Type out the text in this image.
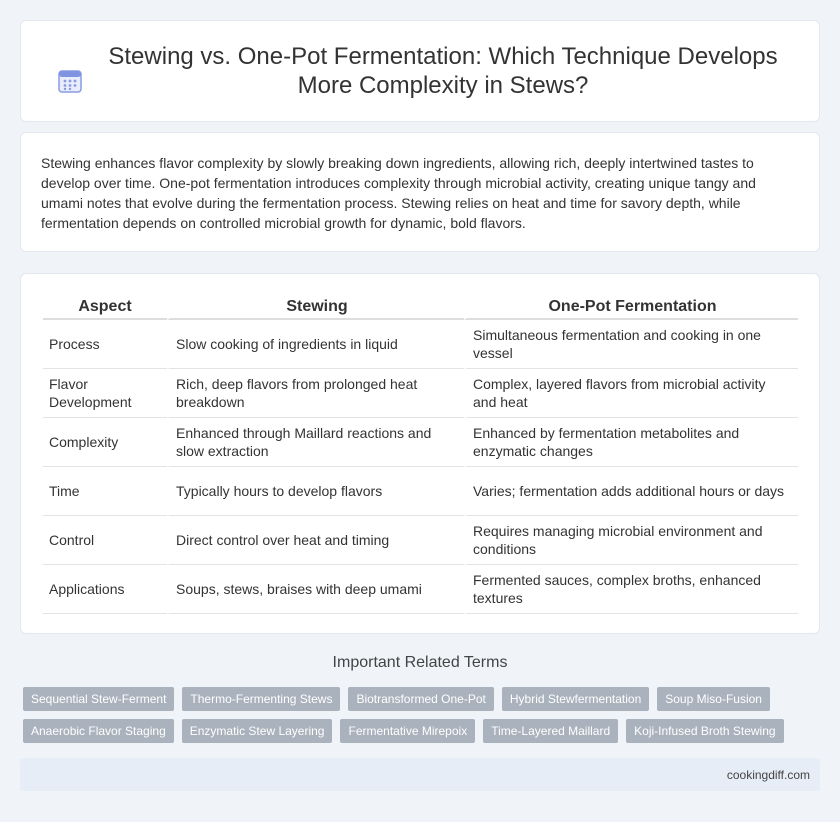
Stewing vs. One-Pot Fermentation: Which Technique Develops More Complexity in Stews?

Stewing enhances flavor complexity by slowly breaking down ingredients, allowing rich, deeply intertwined tastes to develop over time. One-pot fermentation introduces complexity through microbial activity, creating unique tangy and umami notes that evolve during the fermentation process. Stewing relies on heat and time for savory depth, while fermentation depends on controlled microbial growth for dynamic, bold flavors.

Aspect	Stewing	One-Pot Fermentation
Process	Slow cooking of ingredients in liquid	Simultaneous fermentation and cooking in one vessel
Flavor Development	Rich, deep flavors from prolonged heat breakdown	Complex, layered flavors from microbial activity and heat
Complexity	Enhanced through Maillard reactions and slow extraction	Enhanced by fermentation metabolites and enzymatic changes
Time	Typically hours to develop flavors	Varies; fermentation adds additional hours or days
Control	Direct control over heat and timing	Requires managing microbial environment and conditions
Applications	Soups, stews, braises with deep umami	Fermented sauces, complex broths, enhanced textures
Important Related Terms
Sequential Stew-Ferment	Thermo-Fermenting Stews	Biotransformed One-Pot	Hybrid Stewfermentation	Soup Miso-Fusion
Anaerobic Flavor Staging	Enzymatic Stew Layering	Fermentative Mirepoix	Time-Layered Maillard	Koji-Infused Broth Stewing
cookingdiff.com
